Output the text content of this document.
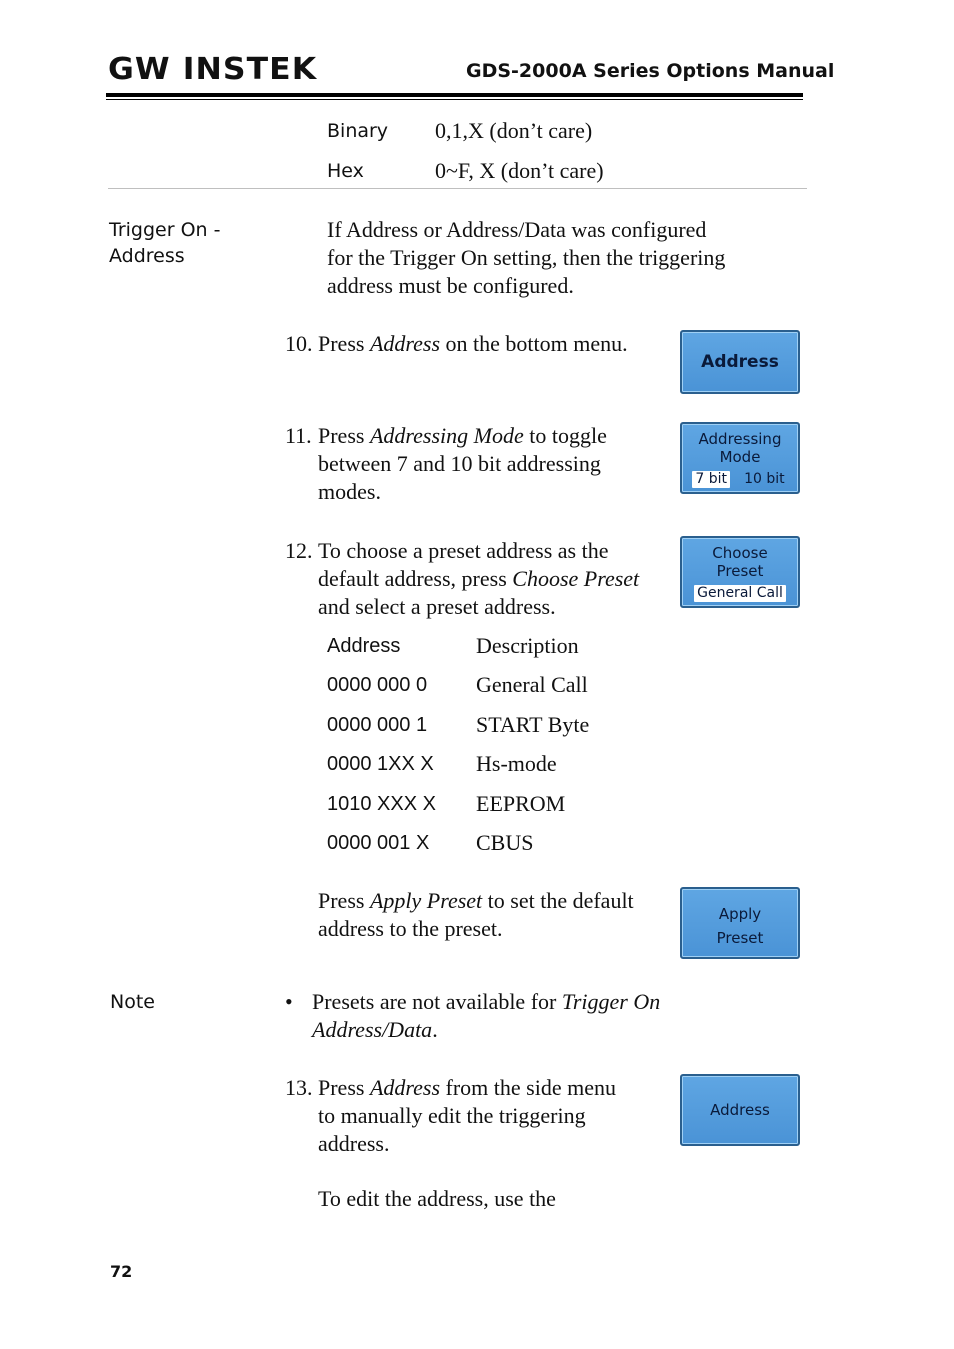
GW INSTEK	GDS-2000A Series Options Manual
Binary 0,1,X (don’t care)
Hex	0~F, X (don’t care)
Trigger On -
Address
If Address or Address/Data was configured
for the Trigger On setting, then the triggering
address must be configured.
10. Press Address on the bottom menu.
Address
11. Press Addressing Mode to toggle
between 7 and 10 bit addressing
modes.
Addressing
Mode
7 bit 10 bit
12. To choose a preset address as the
default address, press Choose Preset
and select a preset address.
Choose
Preset
General Call
Address	Description
0000 000 0 General Call
0000 000 1 START Byte
0000 1XX X Hs-mode
1010 XXX X EEPROM
0000 001 X CBUS
Press Apply Preset to set the default
address to the preset.
Apply
Preset
Note	• Presets are not available for Trigger On
Address/Data.
13. Press Address from the side menu
to manually edit the triggering
address.
Address
To edit the address, use the
72
